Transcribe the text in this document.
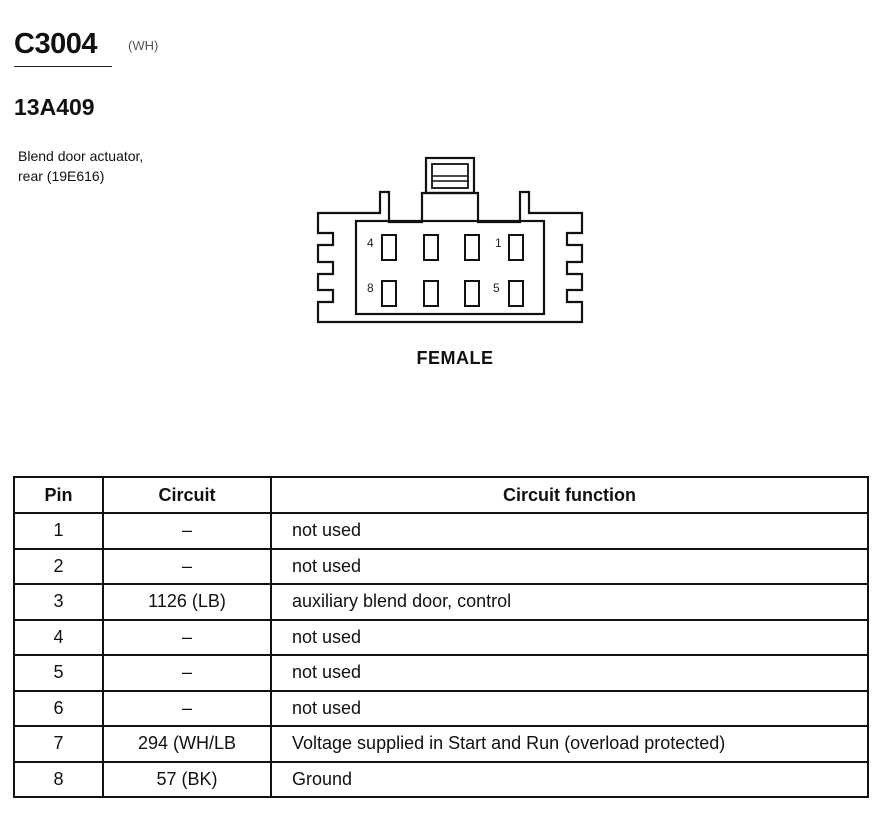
C3004 (WH)
13A409
Blend door actuator,
rear (19E616)
4	1
8	5
FEMALE
Pin	Circuit	Circuit function
1	–	not used
2	–	not used
3	1126 (LB)	auxiliary blend door, control
4	–	not used
5	–	not used
6	–	not used
7	294 (WH/LB	Voltage supplied in Start and Run (overload protected)
8	57 (BK)	Ground
